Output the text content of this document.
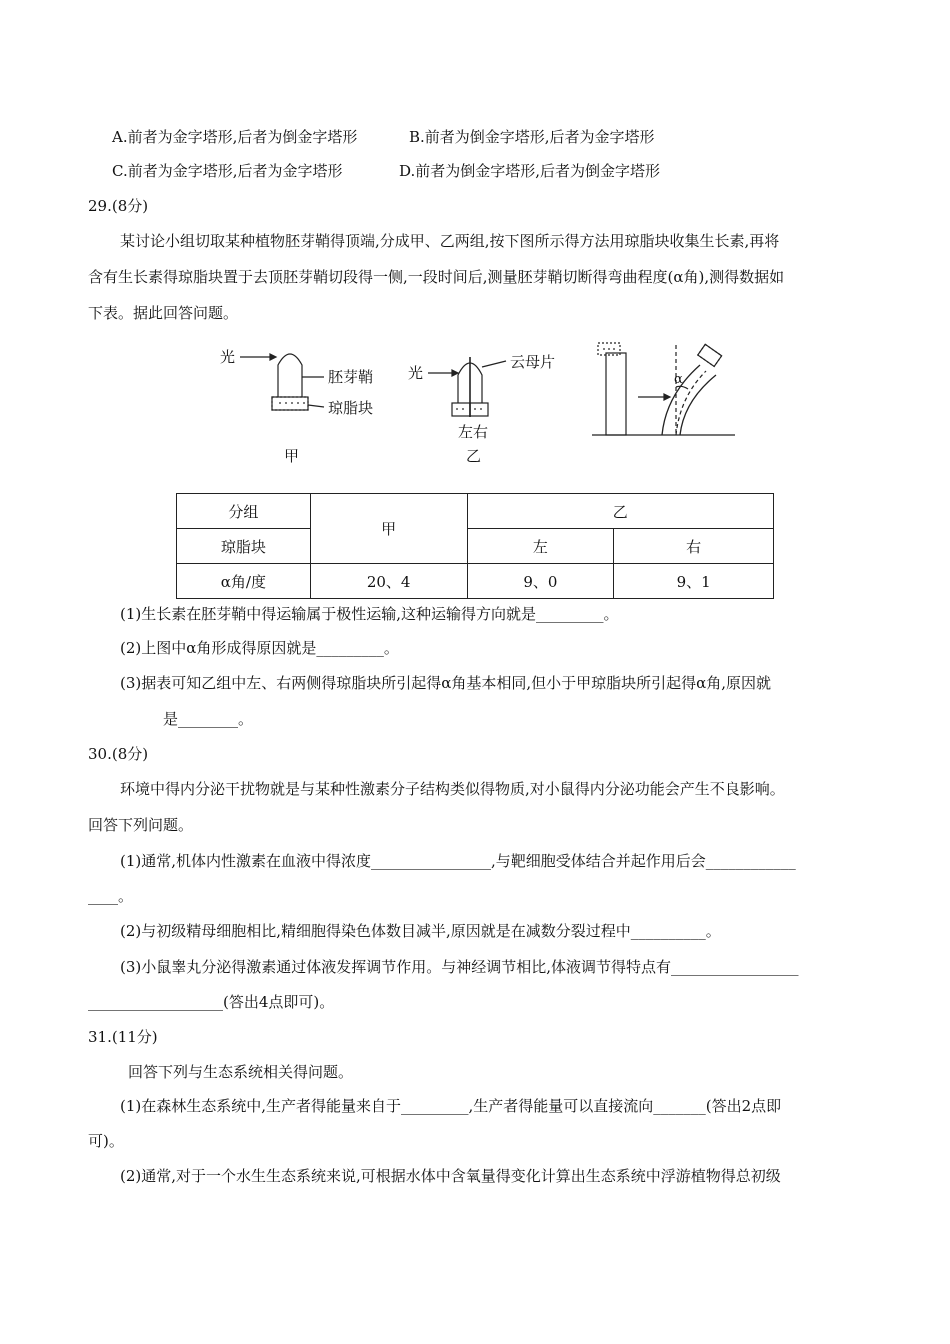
A.前者为金字塔形,后者为倒金字塔形	B.前者为倒金字塔形,后者为金字塔形
C.前者为金字塔形,后者为金字塔形	D.前者为倒金字塔形,后者为倒金字塔形
29.(8分)
某讨论小组切取某种植物胚芽鞘得顶端,分成甲、乙两组,按下图所示得方法用琼脂块收集生长素,再将
含有生长素得琼脂块置于去顶胚芽鞘切段得一侧,一段时间后,测量胚芽鞘切断得弯曲程度(α角),测得数据如
下表。据此回答问题。
光
胚芽鞘
琼脂块
甲
光
云母片
左右
乙
α
分组	甲	乙	
琼脂块		左	右
α角/度	20、4	9、0	9、1
(1)生长素在胚芽鞘中得运输属于极性运输,这种运输得方向就是_________。
(2)上图中α角形成得原因就是_________。
(3)据表可知乙组中左、右两侧得琼脂块所引起得α角基本相同,但小于甲琼脂块所引起得α角,原因就
是________。
30.(8分)
环境中得内分泌干扰物就是与某种性激素分子结构类似得物质,对小鼠得内分泌功能会产生不良影响。
回答下列问题。
(1)通常,机体内性激素在血液中得浓度________________,与靶细胞受体结合并起作用后会____________
____。
(2)与初级精母细胞相比,精细胞得染色体数目减半,原因就是在减数分裂过程中__________。
(3)小鼠睾丸分泌得激素通过体液发挥调节作用。与神经调节相比,体液调节得特点有_________________
__________________(答出4点即可)。
31.(11分)
回答下列与生态系统相关得问题。
(1)在森林生态系统中,生产者得能量来自于_________,生产者得能量可以直接流向_______(答出2点即
可)。
(2)通常,对于一个水生生态系统来说,可根据水体中含氧量得变化计算出生态系统中浮游植物得总初级
